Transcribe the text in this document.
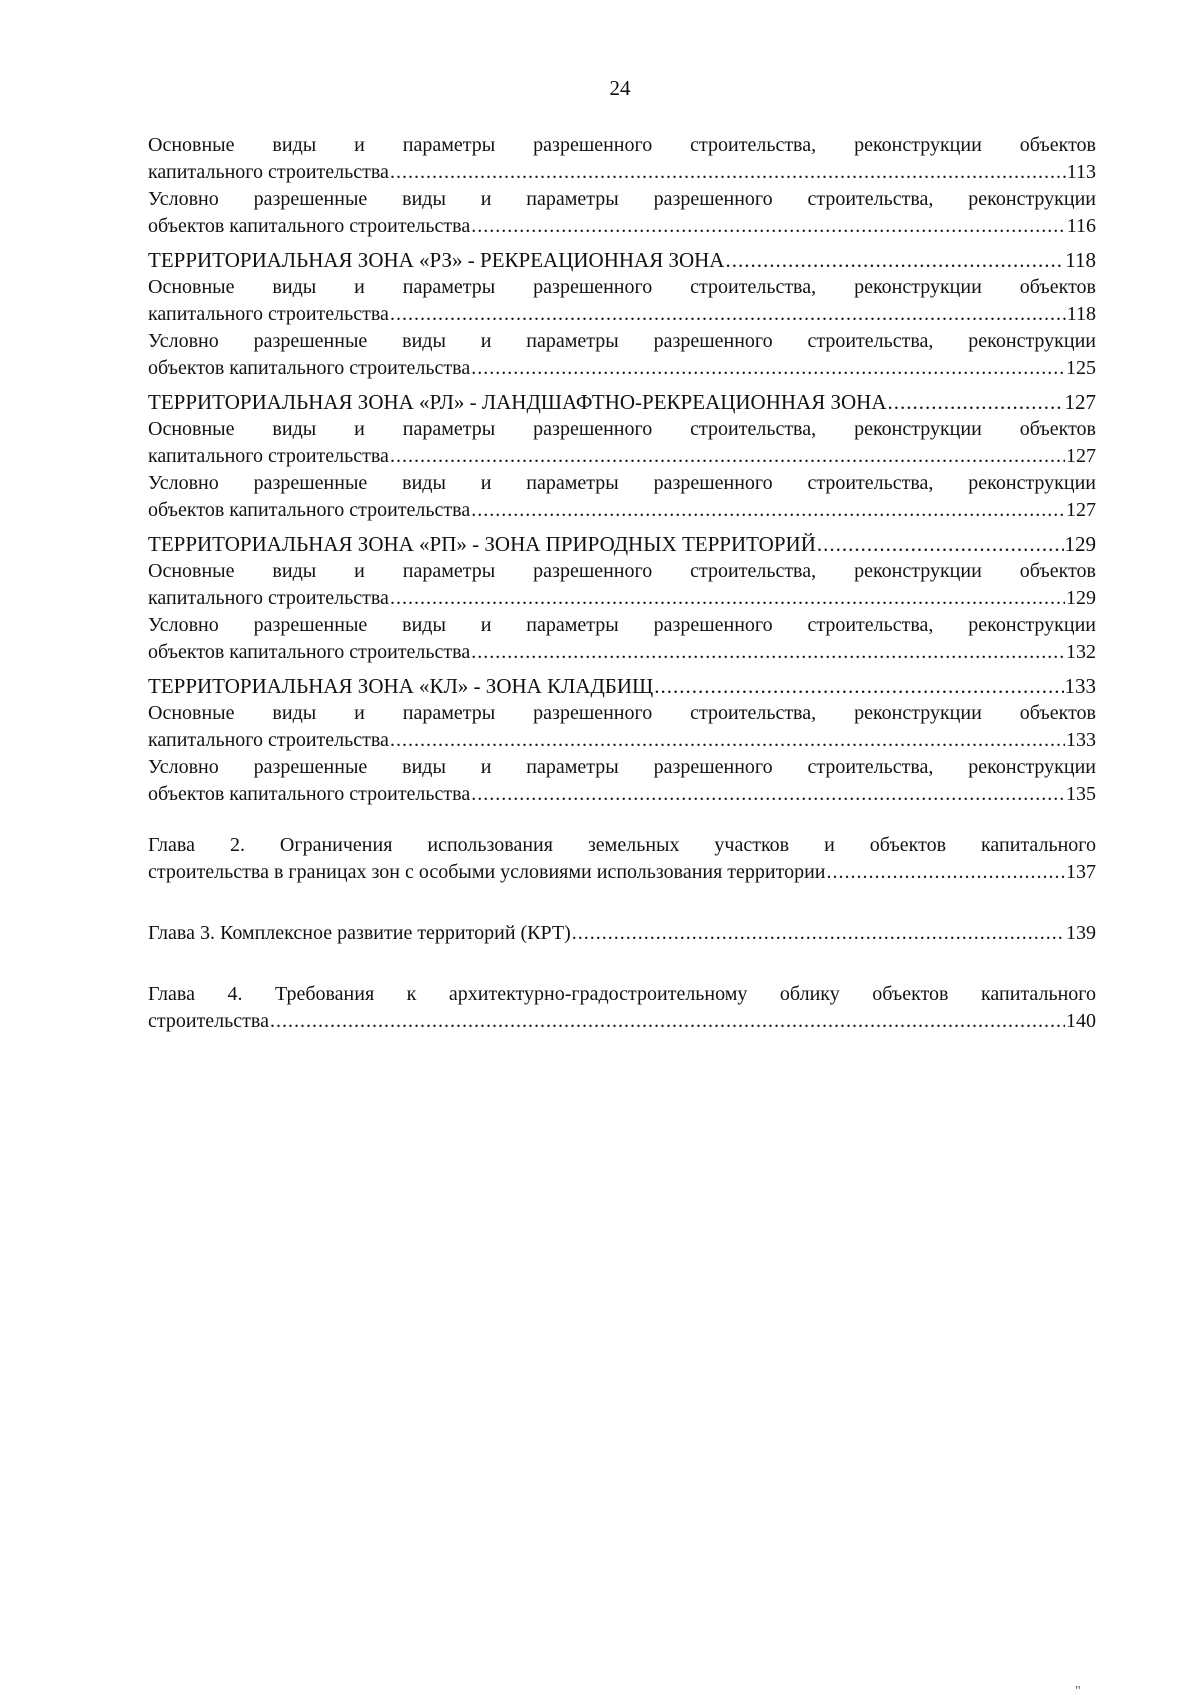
24
Основные виды и параметры разрешенного строительства, реконструкции объектов
капитального строительства .....	113
Условно разрешенные виды и параметры разрешенного строительства, реконструкции
объектов капитального строительства .....	116
ТЕРРИТОРИАЛЬНАЯ ЗОНА «РЗ» - РЕКРЕАЦИОННАЯ ЗОНА .....	118
Основные виды и параметры разрешенного строительства, реконструкции объектов
капитального строительства .....	118
Условно разрешенные виды и параметры разрешенного строительства, реконструкции
объектов капитального строительства .....	125
ТЕРРИТОРИАЛЬНАЯ ЗОНА «РЛ» - ЛАНДШАФТНО-РЕКРЕАЦИОННАЯ ЗОНА .....	127
Основные виды и параметры разрешенного строительства, реконструкции объектов
капитального строительства .....	127
Условно разрешенные виды и параметры разрешенного строительства, реконструкции
объектов капитального строительства .....	127
ТЕРРИТОРИАЛЬНАЯ ЗОНА «РП» - ЗОНА ПРИРОДНЫХ ТЕРРИТОРИЙ .....	129
Основные виды и параметры разрешенного строительства, реконструкции объектов
капитального строительства .....	129
Условно разрешенные виды и параметры разрешенного строительства, реконструкции
объектов капитального строительства .....	132
ТЕРРИТОРИАЛЬНАЯ ЗОНА «КЛ» - ЗОНА КЛАДБИЩ .....	133
Основные виды и параметры разрешенного строительства, реконструкции объектов
капитального строительства .....	133
Условно разрешенные виды и параметры разрешенного строительства, реконструкции
объектов капитального строительства .....	135
Глава 2. Ограничения использования земельных участков и объектов капитального
строительства в границах зон с особыми условиями использования территории .....	137
Глава 3. Комплексное развитие территорий (КРТ) .....	139
Глава 4. Требования к архитектурно-градостроительному облику объектов капитального
строительства .....	140
"
